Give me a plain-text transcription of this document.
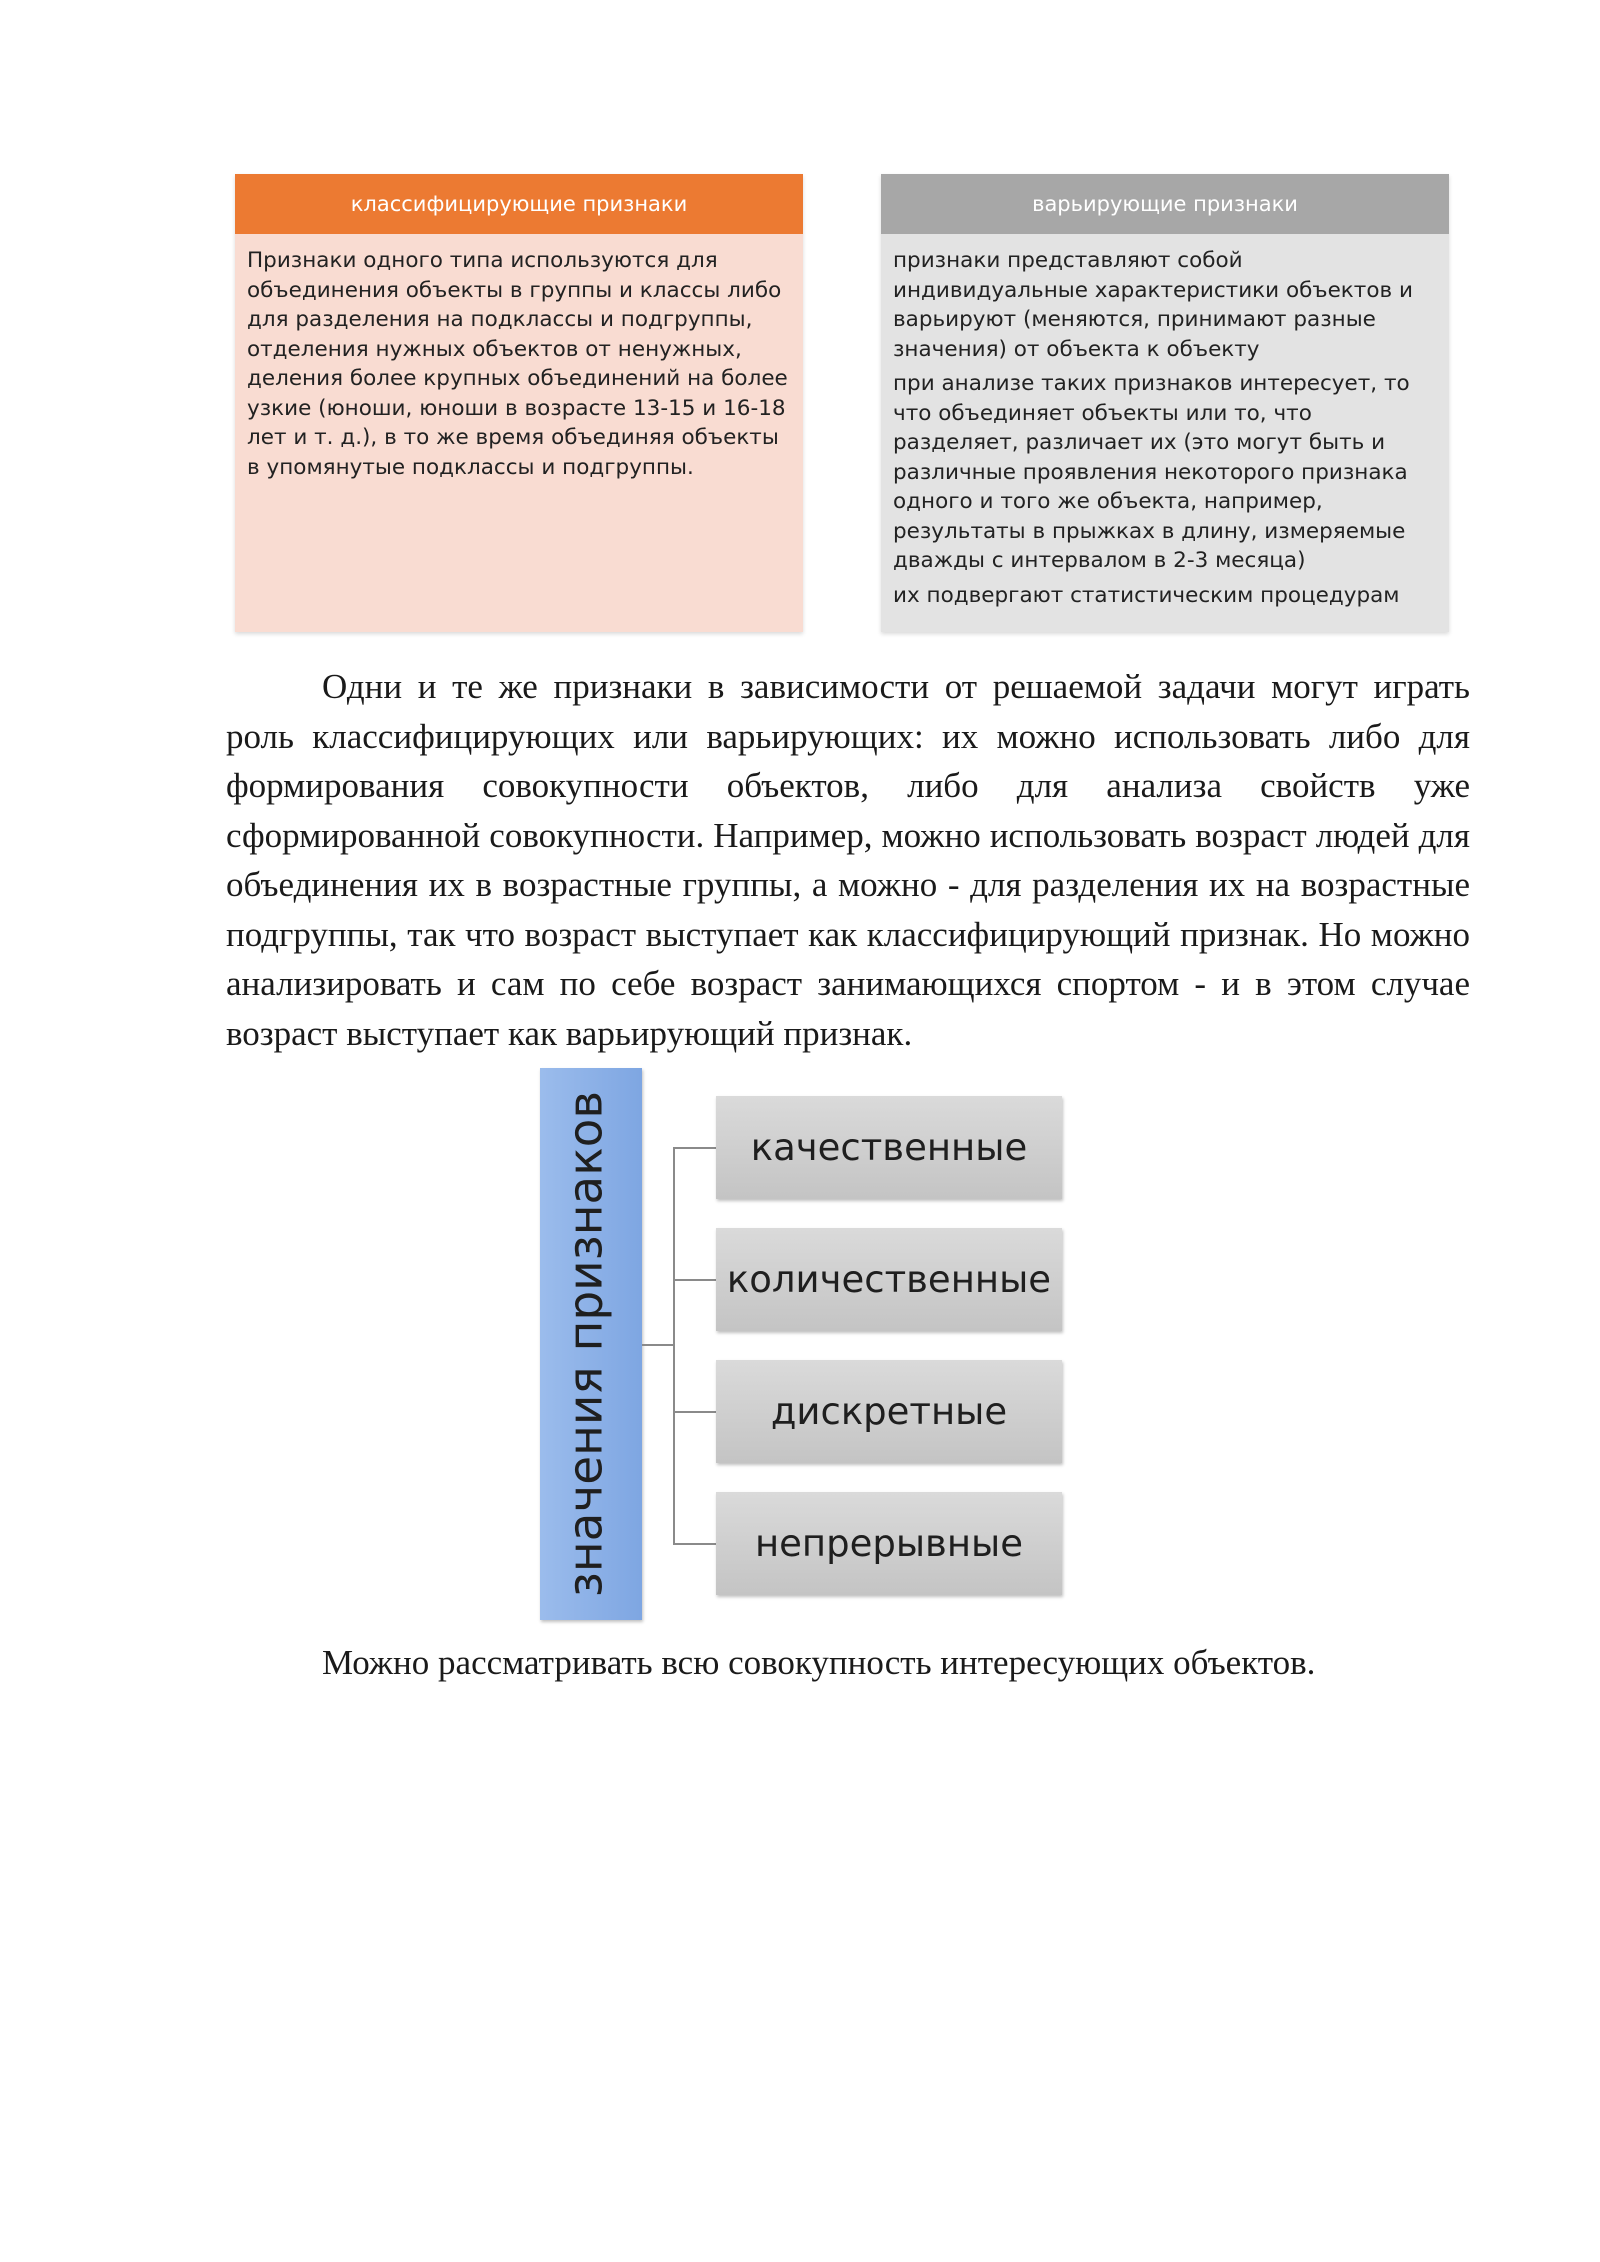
классифицирующие признаки

Признаки одного типа используются для объединения объекты в группы и классы либо для разделения на подклассы и подгруппы, отделения нужных объектов от ненужных, деления более крупных объединений на более узкие (юноши, юноши в возрасте 13-15 и 16-18 лет и т. д.), в то же время объединяя объекты в упомянутые подклассы и подгруппы.

варьирующие признаки

признаки представляют собой индивидуальные характеристики объектов и варьируют (меняются, принимают разные значения) от объекта к объекту

при анализе таких признаков интересует, то что объединяет объекты или то, что разделяет, различает их (это могут быть и различные проявления некоторого признака одного и того же объекта, например, результаты в прыжках в длину, измеряемые дважды с интервалом в 2-3 месяца)

их подвергают статистическим процедурам

Одни и те же признаки в зависимости от решаемой задачи могут играть роль классифицирующих или варьирующих: их можно использовать либо для формирования совокупности объектов, либо для анализа свойств уже сформированной совокупности. Например, можно использовать возраст людей для объединения их в возрастные группы, а можно - для разделения их на возрастные подгруппы, так что возраст выступает как классифицирующий признак. Но можно анализировать и сам по себе возраст занимающихся спортом - и в этом случае возраст выступает как варьирующий признак.

значения признаков	качественные
количественные
дискретные
непрерывные

Можно рассматривать всю совокупность интересующих объектов.
